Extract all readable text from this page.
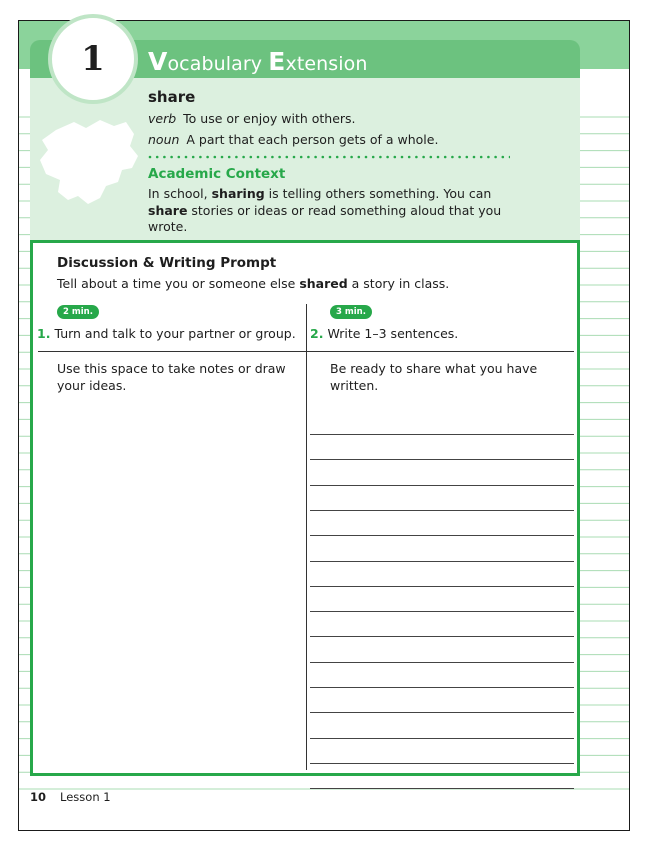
Vocabulary Extension
1
share
verb To use or enjoy with others.
noun A part that each person gets of a whole.
Academic Context
In school, sharing is telling others something. You can share stories or ideas or read something aloud that you wrote.
Discussion & Writing Prompt
Tell about a time you or someone else shared a story in class.
2 min.	3 min.
1. Turn and talk to your partner or group. 2. Write 1–3 sentences.
Use this space to take notes or draw your ideas.
Be ready to share what you have written.
10 Lesson 1
